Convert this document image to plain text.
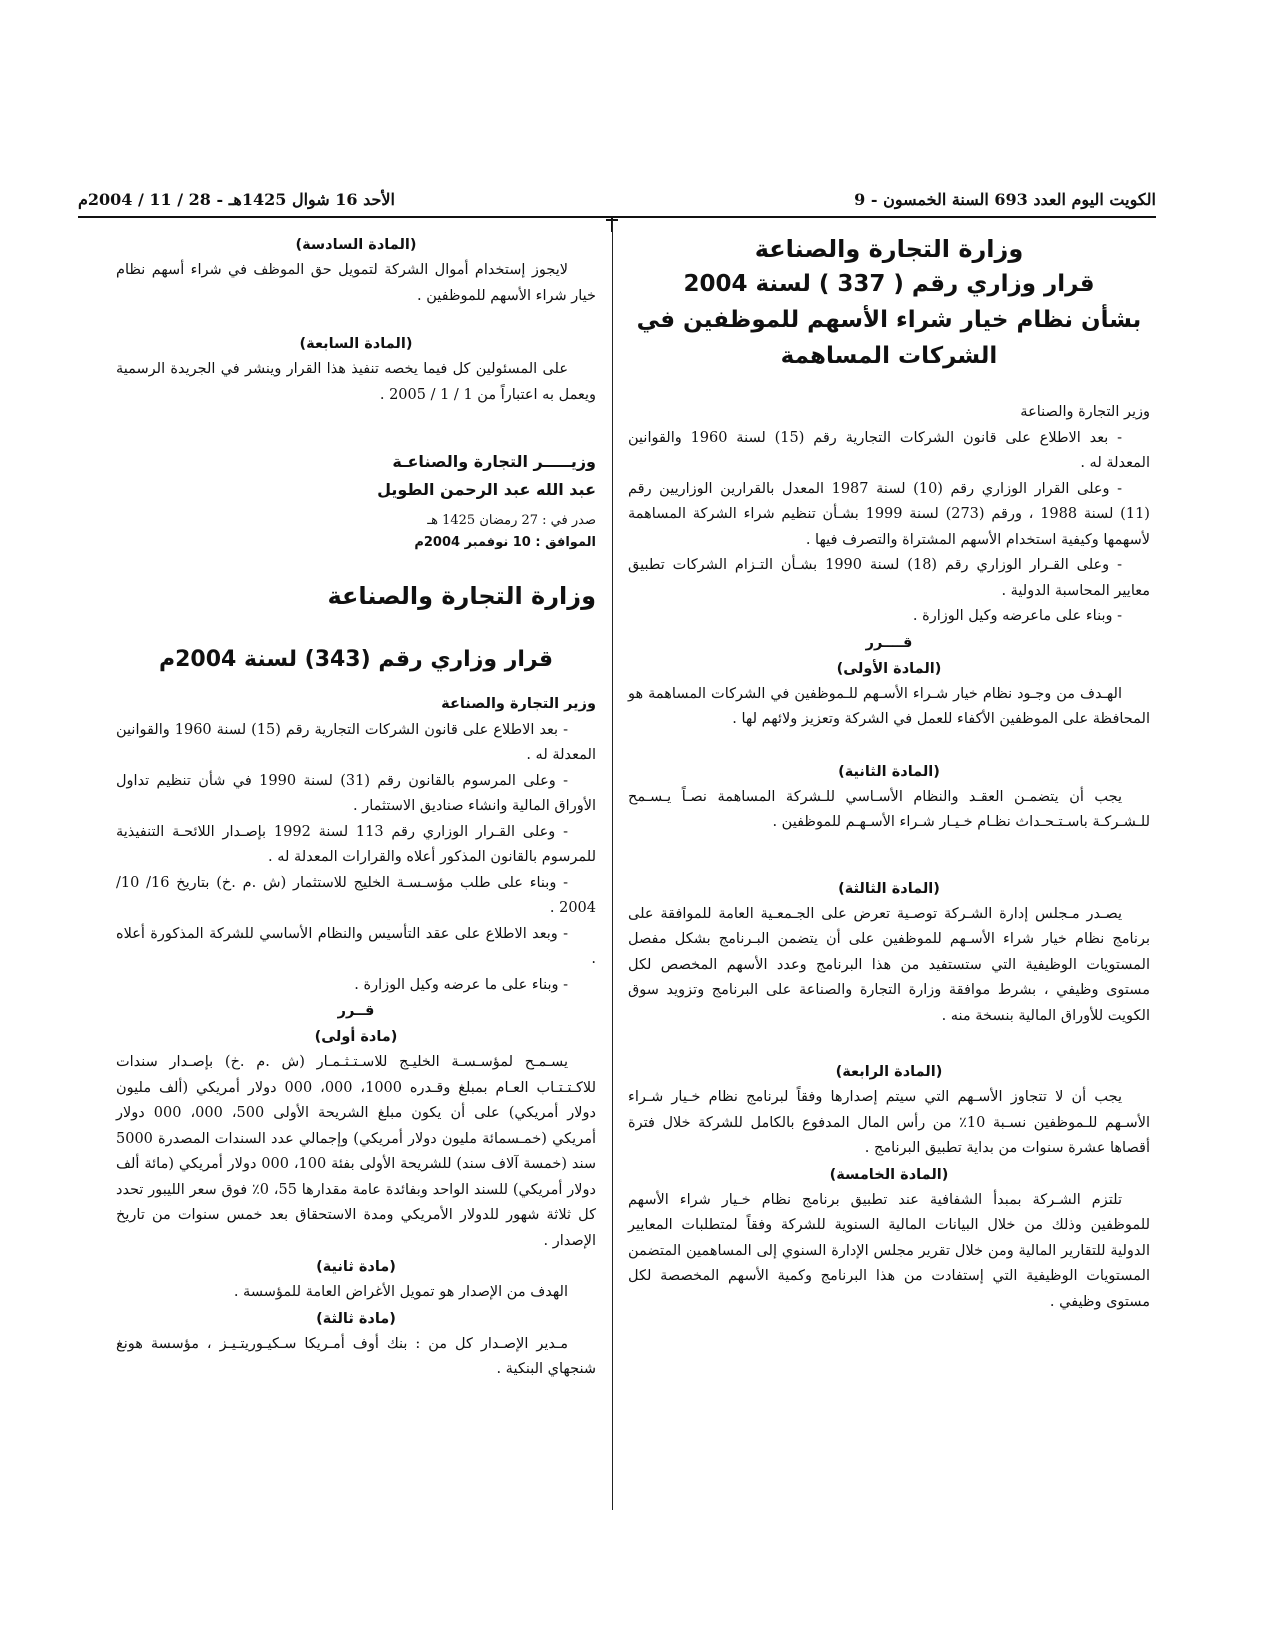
الكويت اليوم العدد 693 السنة الخمسون - 9
الأحد 16 شوال 1425هـ - 28 / 11 / 2004م

وزارة التجارة والصناعة

قرار وزاري رقم ( 337 ) لسنة 2004

بشأن نظام خيار شراء الأسهم للموظفين في

الشركات المساهمة

وزير التجارة والصناعة

- بعد الاطلاع على قانون الشركات التجارية رقم (15) لسنة 1960 والقوانين المعدلة له .

- وعلى القرار الوزاري رقم (10) لسنة 1987 المعدل بالقرارين الوزاريين رقم (11) لسنة 1988 ، ورقم (273) لسنة 1999 بشـأن تنظيم شراء الشركة المساهمة لأسهمها وكيفية استخدام الأسهم المشتراة والتصرف فيها .

- وعلى القـرار الوزاري رقم (18) لسنة 1990 بشـأن التـزام الشركات تطبيق معايير المحاسبة الدولية .

- وبناء على ماعرضه وكيل الوزارة .

قــــرر

(المادة الأولى)

الهـدف من وجـود نظام خيار شـراء الأسـهم للـموظفين في الشركات المساهمة هو المحافظة على الموظفين الأكفاء للعمل في الشركة وتعزيز ولائهم لها .

(المادة الثانية)

يجب أن يتضمـن العقـد والنظام الأسـاسي للـشركة المساهمة نصـاً يـسـمح للـشـركـة باسـتـحـداث نظـام خـيـار شـراء الأسـهـم للموظفين .

(المادة الثالثة)

يصـدر مـجلس إدارة الشـركة توصـية تعرض على الجـمعـية العامة للموافقة على برنامج نظام خيار شراء الأسـهم للموظفين على أن يتضمن البـرنامج بشكل مفصل المستويات الوظيفية التي ستستفيد من هذا البرنامج وعدد الأسهم المخصص لكل مستوى وظيفي ، بشرط موافقة وزارة التجارة والصناعة على البرنامج وتزويد سوق الكويت للأوراق المالية بنسخة منه .

(المادة الرابعة)

يجب أن لا تتجاوز الأسـهم التي سيتم إصدارها وفقاً لبرنامج نظام خـيار شـراء الأسـهم للـموظفين نسـبة 10٪ من رأس المال المدفوع بالكامل للشركة خلال فترة أقصاها عشرة سنوات من بداية تطبيق البرنامج .

(المادة الخامسة)

تلتزم الشـركة بمبدأ الشفافية عند تطبيق برنامج نظام خـيار شراء الأسهم للموظفين وذلك من خلال البيانات المالية السنوية للشركة وفقاً لمتطلبات المعايير الدولية للتقارير المالية ومن خلال تقرير مجلس الإدارة السنوي إلى المساهمين المتضمن المستويات الوظيفية التي إستفادت من هذا البرنامج وكمية الأسهم المخصصة لكل مستوى وظيفي .

(المادة السادسة)

لايجوز إستخدام أموال الشركة لتمويل حق الموظف في شراء أسهم نظام خيار شراء الأسهم للموظفين .

(المادة السابعة)

على المسئولين كل فيما يخصه تنفيذ هذا القرار وينشر في الجريدة الرسمية ويعمل به اعتباراً من 1 / 1 / 2005 .

وزيـــــر التجارة والصناعـة

عبد الله عبد الرحمن الطويل

صدر في : 27 رمضان 1425 هـ

الموافق : 10 نوفمبر 2004م

وزارة التجارة والصناعة

قرار وزاري رقم (343) لسنة 2004م

وزير التجارة والصناعة

- بعد الاطلاع على قانون الشركات التجارية رقم (15) لسنة 1960 والقوانين المعدلة له .

- وعلى المرسوم بالقانون رقم (31) لسنة 1990 في شأن تنظيم تداول الأوراق المالية وانشاء صناديق الاستثمار .

- وعلى القـرار الوزاري رقم 113 لسنة 1992 بإصـدار اللائحـة التنفيذية للمرسوم بالقانون المذكور أعلاه والقرارات المعدلة له .

- وبناء على طلب مؤسـسـة الخليج للاستثمار (ش .م .خ) بتاريخ 16/ 10/ 2004 .

- وبعد الاطلاع على عقد التأسيس والنظام الأساسي للشركة المذكورة أعلاه .

- وبناء على ما عرضه وكيل الوزارة .

قــرر

(مادة أولى)

يسـمـح لمؤسـسـة الخليـج للاسـتـثـمـار (ش .م .خ) بإصـدار سندات للاكـتـتـاب العـام بمبلغ وقـدره 1000، 000، 000 دولار أمريكي (ألف مليون دولار أمريكي) على أن يكون مبلغ الشريحة الأولى 500، 000، 000 دولار أمريكي (خمـسمائة مليون دولار أمريكي) وإجمالي عدد السندات المصدرة 5000 سند (خمسة آلاف سند) للشريحة الأولى بفئة 100، 000 دولار أمريكي (مائة ألف دولار أمريكي) للسند الواحد وبفائدة عامة مقدارها 55، 0٪ فوق سعر الليبور تحدد كل ثلاثة شهور للدولار الأمريكي ومدة الاستحقاق بعد خمس سنوات من تاريخ الإصدار .

(مادة ثانية)

الهدف من الإصدار هو تمويل الأغراض العامة للمؤسسة .

(مادة ثالثة)

مـدير الإصـدار كل من : بنك أوف أمـريكا سـكيـوريتـيـز ، مؤسسة هونغ شنجهاي البنكية .
